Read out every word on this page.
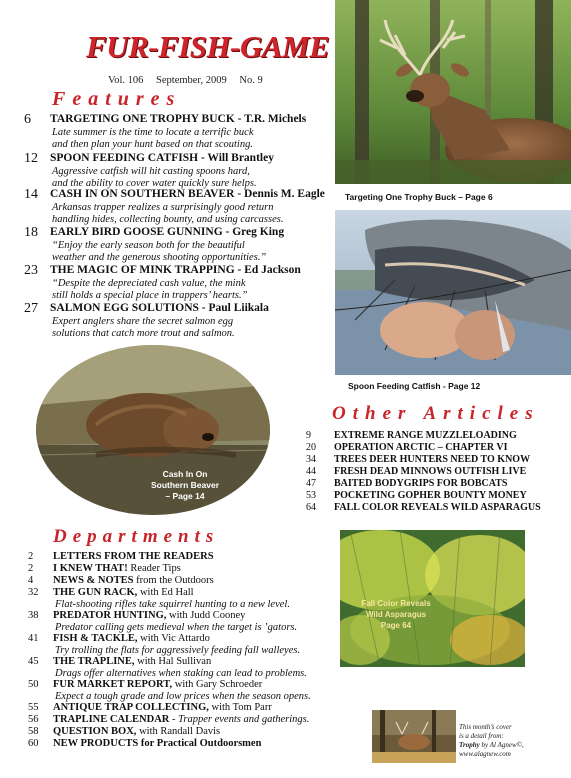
FUR-FISH-GAME
Vol. 106 September, 2009 No. 9
Features
6 TARGETING ONE TROPHY BUCK - T.R. Michels
Late summer is the time to locate a terrific buck
and then plan your hunt based on that scouting.
12 SPOON FEEDING CATFISH - Will Brantley
Aggressive catfish will hit casting spoons hard,
and the ability to cover water quickly sure helps.
14 CASH IN ON SOUTHERN BEAVER - Dennis M. Eagle
Arkansas trapper realizes a surprisingly good return
handling hides, collecting bounty, and using carcasses.
18 EARLY BIRD GOOSE GUNNING - Greg King
“Enjoy the early season both for the beautiful
weather and the generous shooting opportunities.”
23 THE MAGIC OF MINK TRAPPING - Ed Jackson
“Despite the depreciated cash value, the mink
still holds a special place in trappers’ hearts.”
27 SALMON EGG SOLUTIONS - Paul Liikala
Expert anglers share the secret salmon egg
solutions that catch more trout and salmon.
Targeting One Trophy Buck – Page 6
Spoon Feeding Catfish - Page 12
Cash In On
Southern Beaver
– Page 14
Other Articles
9 EXTREME RANGE MUZZLELOADING
20 OPERATION ARCTIC – CHAPTER VI
34 TREES DEER HUNTERS NEED TO KNOW
44 FRESH DEAD MINNOWS OUTFISH LIVE
47 BAITED BODYGRIPS FOR BOBCATS
53 POCKETING GOPHER BOUNTY MONEY
64 FALL COLOR REVEALS WILD ASPARAGUS
Fall Color Reveals
Wild Asparagus
Page 64
Departments
2 LETTERS FROM THE READERS
2 I KNEW THAT! Reader Tips
4 NEWS & NOTES from the Outdoors
32 THE GUN RACK, with Ed Hall
Flat-shooting rifles take squirrel hunting to a new level.
38 PREDATOR HUNTING, with Judd Cooney
Predator calling gets medieval when the target is ’gators.
41 FISH & TACKLE, with Vic Attardo
Try trolling the flats for aggressively feeding fall walleyes.
45 THE TRAPLINE, with Hal Sullivan
Drags offer alternatives when staking can lead to problems.
50 FUR MARKET REPORT, with Gary Schroeder
Expect a tough grade and low prices when the season opens.
55 ANTIQUE TRAP COLLECTING, with Tom Parr
56 TRAPLINE CALENDAR - Trapper events and gatherings.
58 QUESTION BOX, with Randall Davis
60 NEW PRODUCTS for Practical Outdoorsmen
This month’s cover
is a detail from:
Trophy by Al Agnew©,
www.alagnew.com
